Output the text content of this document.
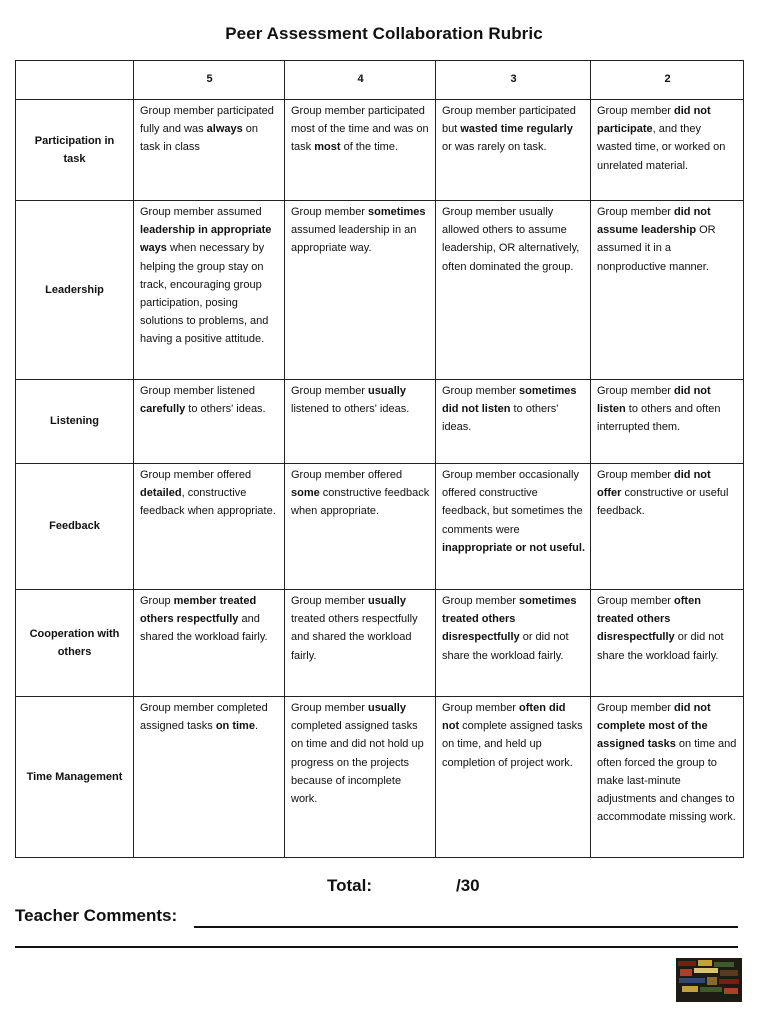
Peer Assessment Collaboration Rubric
	5	4	3	2
Participation in task	Group member participated fully and was always on task in class	Group member participated most of the time and was on task most of the time.	Group member participated but wasted time regularly or was rarely on task.	Group member did not participate, and they wasted time, or worked on unrelated material.
Leadership	Group member assumed leadership in appropriate ways when necessary by helping the group stay on track, encouraging group participation, posing solutions to problems, and having a positive attitude.	Group member sometimes assumed leadership in an appropriate way.	Group member usually allowed others to assume leadership, OR alternatively, often dominated the group.	Group member did not assume leadership OR assumed it in a nonproductive manner.
Listening	Group member listened carefully to others' ideas.	Group member usually listened to others' ideas.	Group member sometimes did not listen to others' ideas.	Group member did not listen to others and often interrupted them.
Feedback	Group member offered detailed, constructive feedback when appropriate.	Group member offered some constructive feedback when appropriate.	Group member occasionally offered constructive feedback, but sometimes the comments were inappropriate or not useful.	Group member did not offer constructive or useful feedback.
Cooperation with others	Group member treated others respectfully and shared the workload fairly.	Group member usually treated others respectfully and shared the workload fairly.	Group member sometimes treated others disrespectfully or did not share the workload fairly.	Group member often treated others disrespectfully or did not share the workload fairly.
Time Management	Group member completed assigned tasks on time.	Group member usually completed assigned tasks on time and did not hold up progress on the projects because of incomplete work.	Group member often did not complete assigned tasks on time, and held up completion of project work.	Group member did not complete most of the assigned tasks on time and often forced the group to make last-minute adjustments and changes to accommodate missing work.
Total:	/30
Teacher Comments:
